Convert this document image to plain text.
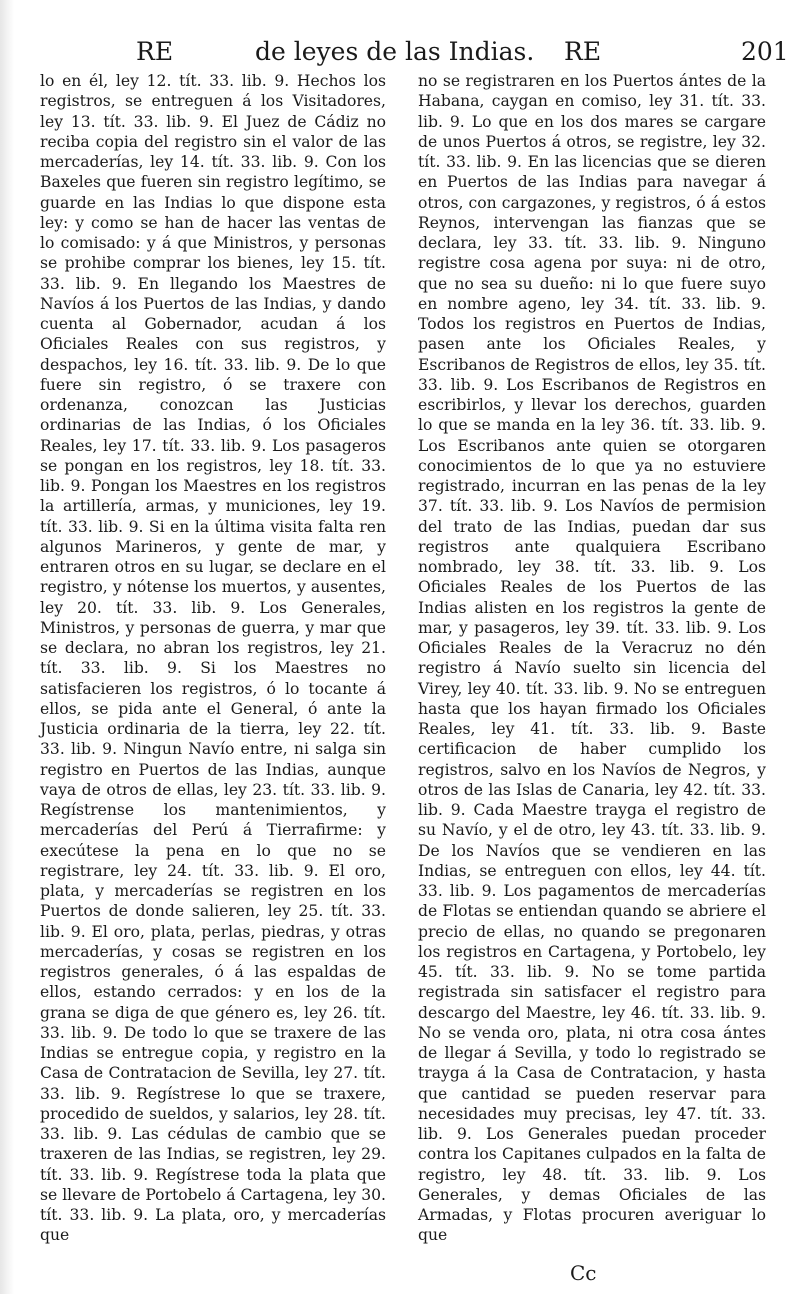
RE	de leyes de las Indias. RE	201

lo en él, ley 12. tít. 33. lib. 9. Hechos los registros, se entreguen á los Visitadores, ley 13. tít. 33. lib. 9. El Juez de Cádiz no reciba copia del registro sin el valor de las mercaderías, ley 14. tít. 33. lib. 9. Con los Baxeles que fueren sin registro legítimo, se guarde en las Indias lo que dispone esta ley: y como se han de hacer las ventas de lo comisado: y á que Ministros, y personas se prohibe comprar los bienes, ley 15. tít. 33. lib. 9. En llegando los Maestres de Navíos á los Puertos de las Indias, y dando cuenta al Gobernador, acudan á los Oficiales Reales con sus registros, y despachos, ley 16. tít. 33. lib. 9. De lo que fuere sin registro, ó se traxere con ordenanza, conozcan las Justicias ordinarias de las Indias, ó los Oficiales Reales, ley 17. tít. 33. lib. 9. Los pasageros se pongan en los registros, ley 18. tít. 33. lib. 9. Pongan los Maestres en los registros la artillería, armas, y municiones, ley 19. tít. 33. lib. 9. Si en la última visita falta ren algunos Marineros, y gente de mar, y entraren otros en su lugar, se declare en el registro, y nótense los muertos, y ausentes, ley 20. tít. 33. lib. 9. Los Generales, Ministros, y personas de guerra, y mar que se declara, no abran los registros, ley 21. tít. 33. lib. 9. Si los Maestres no satisfacieren los registros, ó lo tocante á ellos, se pida ante el General, ó ante la Justicia ordinaria de la tierra, ley 22. tít. 33. lib. 9. Ningun Navío entre, ni salga sin registro en Puertos de las Indias, aunque vaya de otros de ellas, ley 23. tít. 33. lib. 9. Regístrense los mantenimientos, y mercaderías del Perú á Tierrafirme: y execútese la pena en lo que no se registrare, ley 24. tít. 33. lib. 9. El oro, plata, y mercaderías se registren en los Puertos de donde salieren, ley 25. tít. 33. lib. 9. El oro, plata, perlas, piedras, y otras mercaderías, y cosas se registren en los registros generales, ó á las espaldas de ellos, estando cerrados: y en los de la grana se diga de que género es, ley 26. tít. 33. lib. 9. De todo lo que se traxere de las Indias se entregue copia, y registro en la Casa de Contratacion de Sevilla, ley 27. tít. 33. lib. 9. Regístrese lo que se traxere, procedido de sueldos, y salarios, ley 28. tít. 33. lib. 9. Las cédulas de cambio que se traxeren de las Indias, se registren, ley 29. tít. 33. lib. 9. Regístrese toda la plata que se llevare de Portobelo á Cartagena, ley 30. tít. 33. lib. 9. La plata, oro, y mercaderías que

no se registraren en los Puertos ántes de la Habana, caygan en comiso, ley 31. tít. 33. lib. 9. Lo que en los dos mares se cargare de unos Puertos á otros, se registre, ley 32. tít. 33. lib. 9. En las licencias que se dieren en Puertos de las Indias para navegar á otros, con cargazones, y registros, ó á estos Reynos, intervengan las fianzas que se declara, ley 33. tít. 33. lib. 9. Ninguno registre cosa agena por suya: ni de otro, que no sea su dueño: ni lo que fuere suyo en nombre ageno, ley 34. tít. 33. lib. 9. Todos los registros en Puertos de Indias, pasen ante los Oficiales Reales, y Escribanos de Registros de ellos, ley 35. tít. 33. lib. 9. Los Escribanos de Registros en escribirlos, y llevar los derechos, guarden lo que se manda en la ley 36. tít. 33. lib. 9. Los Escribanos ante quien se otorgaren conocimientos de lo que ya no estuviere registrado, incurran en las penas de la ley 37. tít. 33. lib. 9. Los Navíos de permision del trato de las Indias, puedan dar sus registros ante qualquiera Escribano nombrado, ley 38. tít. 33. lib. 9. Los Oficiales Reales de los Puertos de las Indias alisten en los registros la gente de mar, y pasageros, ley 39. tít. 33. lib. 9. Los Oficiales Reales de la Veracruz no dén registro á Navío suelto sin licencia del Virey, ley 40. tít. 33. lib. 9. No se entreguen hasta que los hayan firmado los Oficiales Reales, ley 41. tít. 33. lib. 9. Baste certificacion de haber cumplido los registros, salvo en los Navíos de Negros, y otros de las Islas de Canaria, ley 42. tít. 33. lib. 9. Cada Maestre trayga el registro de su Navío, y el de otro, ley 43. tít. 33. lib. 9. De los Navíos que se vendieren en las Indias, se entreguen con ellos, ley 44. tít. 33. lib. 9. Los pagamentos de mercaderías de Flotas se entiendan quando se abriere el precio de ellas, no quando se pregonaren los registros en Cartagena, y Portobelo, ley 45. tít. 33. lib. 9. No se tome partida registrada sin satisfacer el registro para descargo del Maestre, ley 46. tít. 33. lib. 9. No se venda oro, plata, ni otra cosa ántes de llegar á Sevilla, y todo lo registrado se trayga á la Casa de Contratacion, y hasta que cantidad se pueden reservar para necesidades muy precisas, ley 47. tít. 33. lib. 9. Los Generales puedan proceder contra los Capitanes culpados en la falta de registro, ley 48. tít. 33. lib. 9. Los Generales, y demas Oficiales de las Armadas, y Flotas procuren averiguar lo que

Cc
